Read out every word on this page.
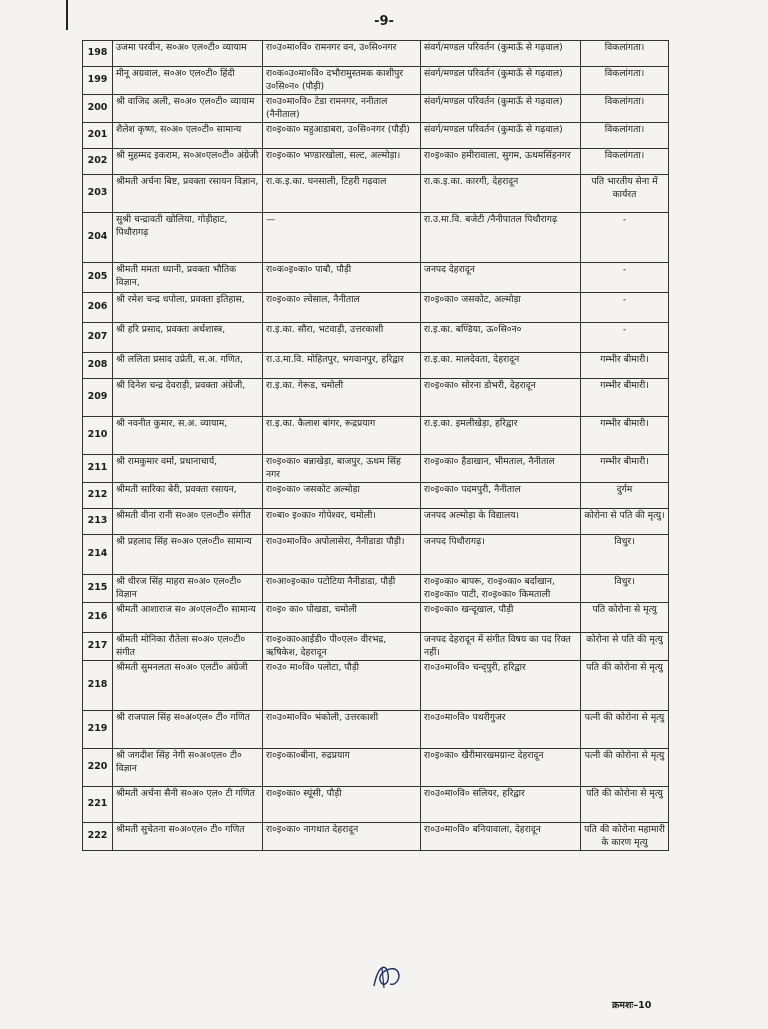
-9-
198	उजमा परवीन, स०अ० एल०टी० व्यायाम	रा०उ०मा०वि० रामनगर वन, उ०सि०नगर	संवर्ग/मण्डल परिवर्तन (कुमाऊँ से गढ़वाल)	विकलांगता।
199	मीनू अग्रवाल, स०अ० एल०टी० हिंदी	रा०क०उ०मा०वि० दभौरामुस्तमक काशीपुर उ०सि०न० (पौड़ी)	संवर्ग/मण्डल परिवर्तन (कुमाऊँ से गढ़वाल)	विकलांगता।
200	श्री वाजिद अली, स०अ० एल०टी० व्यायाम	रा०उ०मा०वि० टेडा रामनगर, ननीताल (नैनीताल)	संवर्ग/मण्डल परिवर्तन (कुमाऊँ से गढ़वाल)	विकलांगता।
201	शैलेश कृष्ण, स०अ० एल०टी० सामान्य	रा०इ०का० महुआडाबरा, उ०सि०नगर (पौड़ी)	संवर्ग/मण्डल परिवर्तन (कुमाऊँ से गढ़वाल)	विकलांगता।
202	श्री मुहम्मद इकराम, स०अ०एल०टी० अंग्रेजी	रा०इ०का० भण्डारखोला, सल्ट, अल्मोड़ा।	रा०इ०का० हमीरावाला, सुगम, ऊधमसिंहनगर	विकलांगता।
203	श्रीमती अर्चना बिष्ट, प्रवक्ता रसायन विज्ञान,	रा.क.इ.का. घनसाली, टिहरी गढ़वाल	रा.क.इ.का. कारगी, देहरादून	पति भारतीय सेना में कार्यरत
204	सुश्री चन्द्रावती खोलिया, गोड़ीहाट, पिथौरागढ़	—	रा.उ.मा.वि. बजेटी /नैनीपातल पिथौरागढ़	-
205	श्रीमती ममता ध्यानी, प्रवक्ता भौतिक विज्ञान,	रा०क०इ०का० पाबौ, पौड़ी	जनपद देहरादून	-
206	श्री रमेश चन्द्र धपोला, प्रवक्ता इतिहास,	रा०इ०का० ल्वेसाल, नैनीताल	रा०इ०का० जसकोट, अल्मोड़ा	-
207	श्री हरि प्रसाद, प्रवक्ता अर्थशास्त्र,	रा.इ.का. सौरा, भटवाड़ी, उत्तरकाशी	रा.इ.का. बण्डिया, ऊ०सि०न०	-
208	श्री ललिता प्रसाद उप्रेती, स.अ. गणित,	रा.उ.मा.वि. मोहितपुर, भगवानपुर, हरिद्वार	रा.इ.का. मालदेवता, देहरादून	गम्भीर बीमारी।
209	श्री दिनेश चन्द्र देवराड़ी, प्रवक्ता अंग्रेजी,	रा.इ.का. गेरूड, चमोली	रा०इ०का० सोरना डोभरी, देहरादून	गम्भीर बीमारी।
210	श्री नवनीत कुमार, स.अ. व्यायाम,	रा.इ.का. कैलाश बांगर, रूद्रप्रयाग	रा.इ.का. इमलीखेड़ा, हरिद्वार	गम्भीर बीमारी।
211	श्री रामकुमार वर्मा, प्रधानाचार्य,	रा०इ०का० बन्नाखेड़ा, बाजपुर, ऊधम सिंह नगर	रा०इ०का० हैडाखान, भीमताल, नैनीताल	गम्भीर बीमारी।
212	श्रीमती सारिका बेरी, प्रवक्ता रसायन,	रा०इ०का० जसकोट अल्मोड़ा	रा०इ०का० पदमपुरी, नैनीताल	दुर्गम
213	श्रीमती वीना रानी स०अ० एल०टी० संगीत	रा०बा० इ०का० गोपेश्वर, चमोली।	जनपद अल्मोड़ा के विद्यालय।	कोरोना से पति की मृत्यु।
214	श्री प्रहलाद सिंह स०अ० एल०टी० सामान्य	रा०उ०मा०वि० अपोलासेरा, नैनीडाडा पौड़ी।	जनपद पिथौरागढ़।	विधुर।
215	श्री धीरज सिंह माहरा स०अ० एल०टी० विज्ञान	रा०आ०इ०का० पटोटिया नैनीडाडा, पौड़ी	रा०इ०का० बापरू, रा०इ०का० बर्दाखान, रा०इ०का० पाटी, रा०इ०का० किमताली	विधुर।
216	श्रीमती आशाराज स० अ०एल०टी० सामान्य	रा०इ० का० पोखडा, चमोली	रा०इ०का० खन्दूखाल, पौड़ी	पति कोरोना से मृत्यु
217	श्रीमती मोनिका रौतेला स०अ० एल०टी० संगीत	रा०इ०का०आईडी० पी०एल० वीरभद्र, ऋषिकेश, देहरादून	जनपद देहरादून में संगीत विषय का पद रिक्त नहीं।	कोरोना से पति की मृत्यु
218	श्रीमती सुमनलता स०अ० एलटी० अंग्रेजी	रा०उ० मा०वि० पलोटा, पौड़ी	रा०उ०मा०वि० चन्द्पुरी, हरिद्वार	पति की कोरोना से मृत्यु
219	श्री राजपाल सिंह स०अ०एल० टी० गणित	रा०उ०मा०वि० भंकोली, उत्तरकाशी	रा०उ०मा०वि० पथरीगुजर	पत्नी की कोरोना से मृत्यु
220	श्री जगदीश सिंह नेगी स०अ०एल० टी० विज्ञान	रा०इ०का०बीना, रुद्रप्रयाग	रा०इ०का० खैरीमारखमग्रान्ट देहरादून	पत्नी की कोरोना से मृत्यु
221	श्रीमती अर्चना सैनी स०अ० एल० टी गणित	रा०इ०का० स्यूंसी, पौड़ी	रा०उ०मा०वि० सलियर, हरिद्वार	पति की कोरोना से मृत्यु
222	श्रीमती सुचेतना स०अ०एल० टी० गणित	रा०इ०का० नागथात देहरादून	रा०उ०मा०वि० बनियावाला, देहरादून	पति की कोरोना महामारी के कारण मृत्यु
क्रमशः–10
